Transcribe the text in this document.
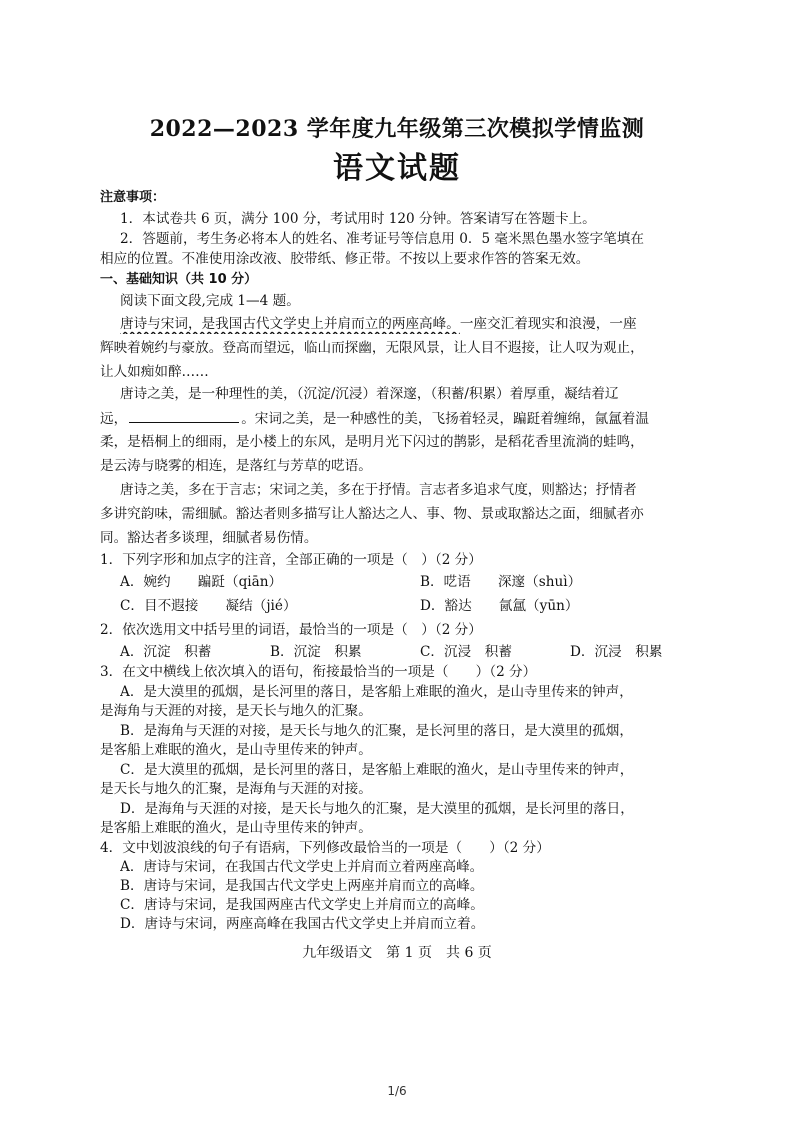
2022—2023 学年度九年级第三次模拟学情监测
语文试题
注意事项：
1．本试卷共 6 页，满分 100 分，考试用时 120 分钟。答案请写在答题卡上。
2．答题前，考生务必将本人的姓名、准考证号等信息用 0．5 毫米黑色墨水签字笔填在
相应的位置。不准使用涂改液、胶带纸、修正带。不按以上要求作答的答案无效。
一、基础知识（共 10 分）
阅读下面文段,完成 1—4 题。
唐诗与宋词，是我国古代文学史上并肩而立的两座高峰。一座交汇着现实和浪漫，一座
辉映着婉约与豪放。登高而望远，临山而探幽，无限风景，让人目不遐接，让人叹为观止，
让人如痴如醉……
唐诗之美，是一种理性的美，（沉淀/沉浸）着深邃，（积蓄/积累）着厚重，凝结着辽
远，	。宋词之美，是一种感性的美，飞扬着轻灵，蹁跹着缠绵，氤氲着温
柔，是梧桐上的细雨，是小楼上的东风，是明月光下闪过的鹊影，是稻花香里流淌的蛙鸣，
是云涛与晓雾的相连，是落红与芳草的呓语。
唐诗之美，多在于言志；宋词之美，多在于抒情。言志者多追求气度，则豁达；抒情者
多讲究韵味，需细腻。豁达者则多描写让人豁达之人、事、物、景或取豁达之面，细腻者亦
同。豁达者多谈理，细腻者易伤情。
1．下列字形和加点字的注音，全部正确的一项是（　）（2 分）
A．婉约　　蹁跹（qiān）	B．呓语　　深邃（shuì）
C．目不遐接　　凝结（jié）	D．豁达　　氤氲（yūn）
2．依次选用文中括号里的词语，最恰当的一项是（　）（2 分）
A．沉淀　积蓄	B．沉淀　积累	C．沉浸　积蓄	D．沉浸　积累
3．在文中横线上依次填入的语句，衔接最恰当的一项是（　　）（2 分）
A．是大漠里的孤烟，是长河里的落日，是客船上难眠的渔火，是山寺里传来的钟声，
是海角与天涯的对接，是天长与地久的汇聚。
B．是海角与天涯的对接，是天长与地久的汇聚，是长河里的落日，是大漠里的孤烟，
是客船上难眠的渔火，是山寺里传来的钟声。
C．是大漠里的孤烟，是长河里的落日，是客船上难眠的渔火，是山寺里传来的钟声，
是天长与地久的汇聚，是海角与天涯的对接。
D．是海角与天涯的对接，是天长与地久的汇聚，是大漠里的孤烟，是长河里的落日，
是客船上难眠的渔火，是山寺里传来的钟声。
4．文中划波浪线的句子有语病，下列修改最恰当的一项是（　　）（2 分）
A．唐诗与宋词，在我国古代文学史上并肩而立着两座高峰。
B．唐诗与宋词，是我国古代文学史上两座并肩而立的高峰。
C．唐诗与宋词，是我国两座古代文学史上并肩而立的高峰。
D．唐诗与宋词，两座高峰在我国古代文学史上并肩而立着。
九年级语文　第 1 页　共 6 页
1/6
